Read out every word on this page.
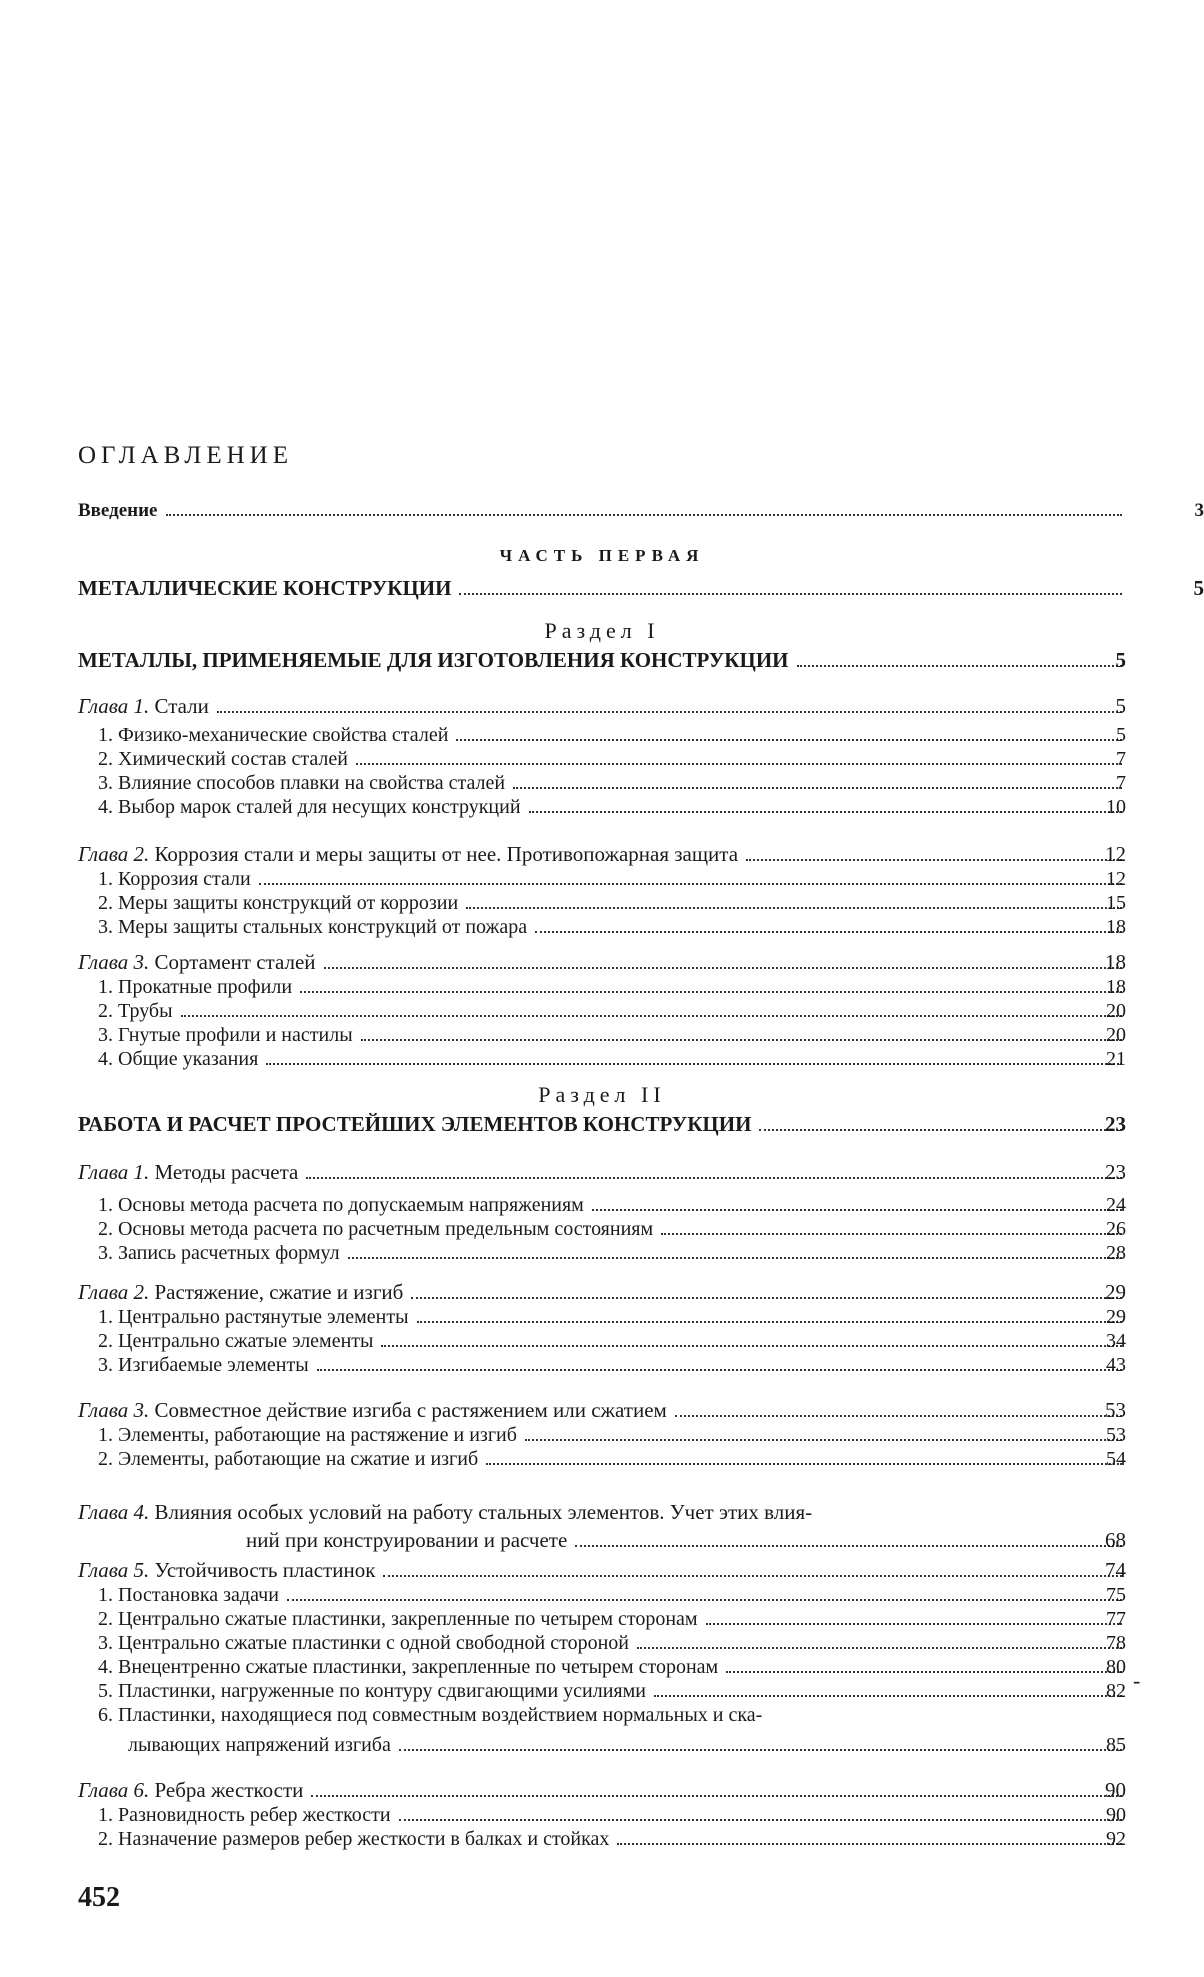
ОГЛАВЛЕНИЕ
Введение	3
ЧАСТЬ ПЕРВАЯ
МЕТАЛЛИЧЕСКИЕ КОНСТРУКЦИИ	5
Раздел I
МЕТАЛЛЫ, ПРИМЕНЯЕМЫЕ ДЛЯ ИЗГОТОВЛЕНИЯ КОНСТРУКЦИИ	5
Глава 1. Стали	5
1. Физико-механические свойства сталей	5
2. Химический состав сталей	7
3. Влияние способов плавки на свойства сталей	7
4. Выбор марок сталей для несущих конструкций	10
Глава 2. Коррозия стали и меры защиты от нее. Противопожарная защита	12
1. Коррозия стали	12
2. Меры защиты конструкций от коррозии	15
3. Меры защиты стальных конструкций от пожара	18
Глава 3. Сортамент сталей	18
1. Прокатные профили	18
2. Трубы	20
3. Гнутые профили и настилы	20
4. Общие указания	21
Раздел II
РАБОТА И РАСЧЕТ ПРОСТЕЙШИХ ЭЛЕМЕНТОВ КОНСТРУКЦИИ	23
Глава 1. Методы расчета	23
1. Основы метода расчета по допускаемым напряжениям	24
2. Основы метода расчета по расчетным предельным состояниям	26
3. Запись расчетных формул	28
Глава 2. Растяжение, сжатие и изгиб	29
1. Центрально растянутые элементы	29
2. Центрально сжатые элементы	34
3. Изгибаемые элементы	43
Глава 3. Совместное действие изгиба с растяжением или сжатием	53
1. Элементы, работающие на растяжение и изгиб	53
2. Элементы, работающие на сжатие и изгиб	54
Глава 4. Влияния особых условий на работу стальных элементов. Учет этих влия-
ний при конструировании и расчете	68
Глава 5. Устойчивость пластинок	74
1. Постановка задачи	75
2. Центрально сжатые пластинки, закрепленные по четырем сторонам	77
3. Центрально сжатые пластинки с одной свободной стороной	78
4. Внецентренно сжатые пластинки, закрепленные по четырем сторонам	80
5. Пластинки, нагруженные по контуру сдвигающими усилиями	82
6. Пластинки, находящиеся под совместным воздействием нормальных и ска-
лывающих напряжений изгиба	85
Глава 6. Ребра жесткости	90
1. Разновидность ребер жесткости	90
2. Назначение размеров ребер жесткости в балках и стойках	92
-
452
